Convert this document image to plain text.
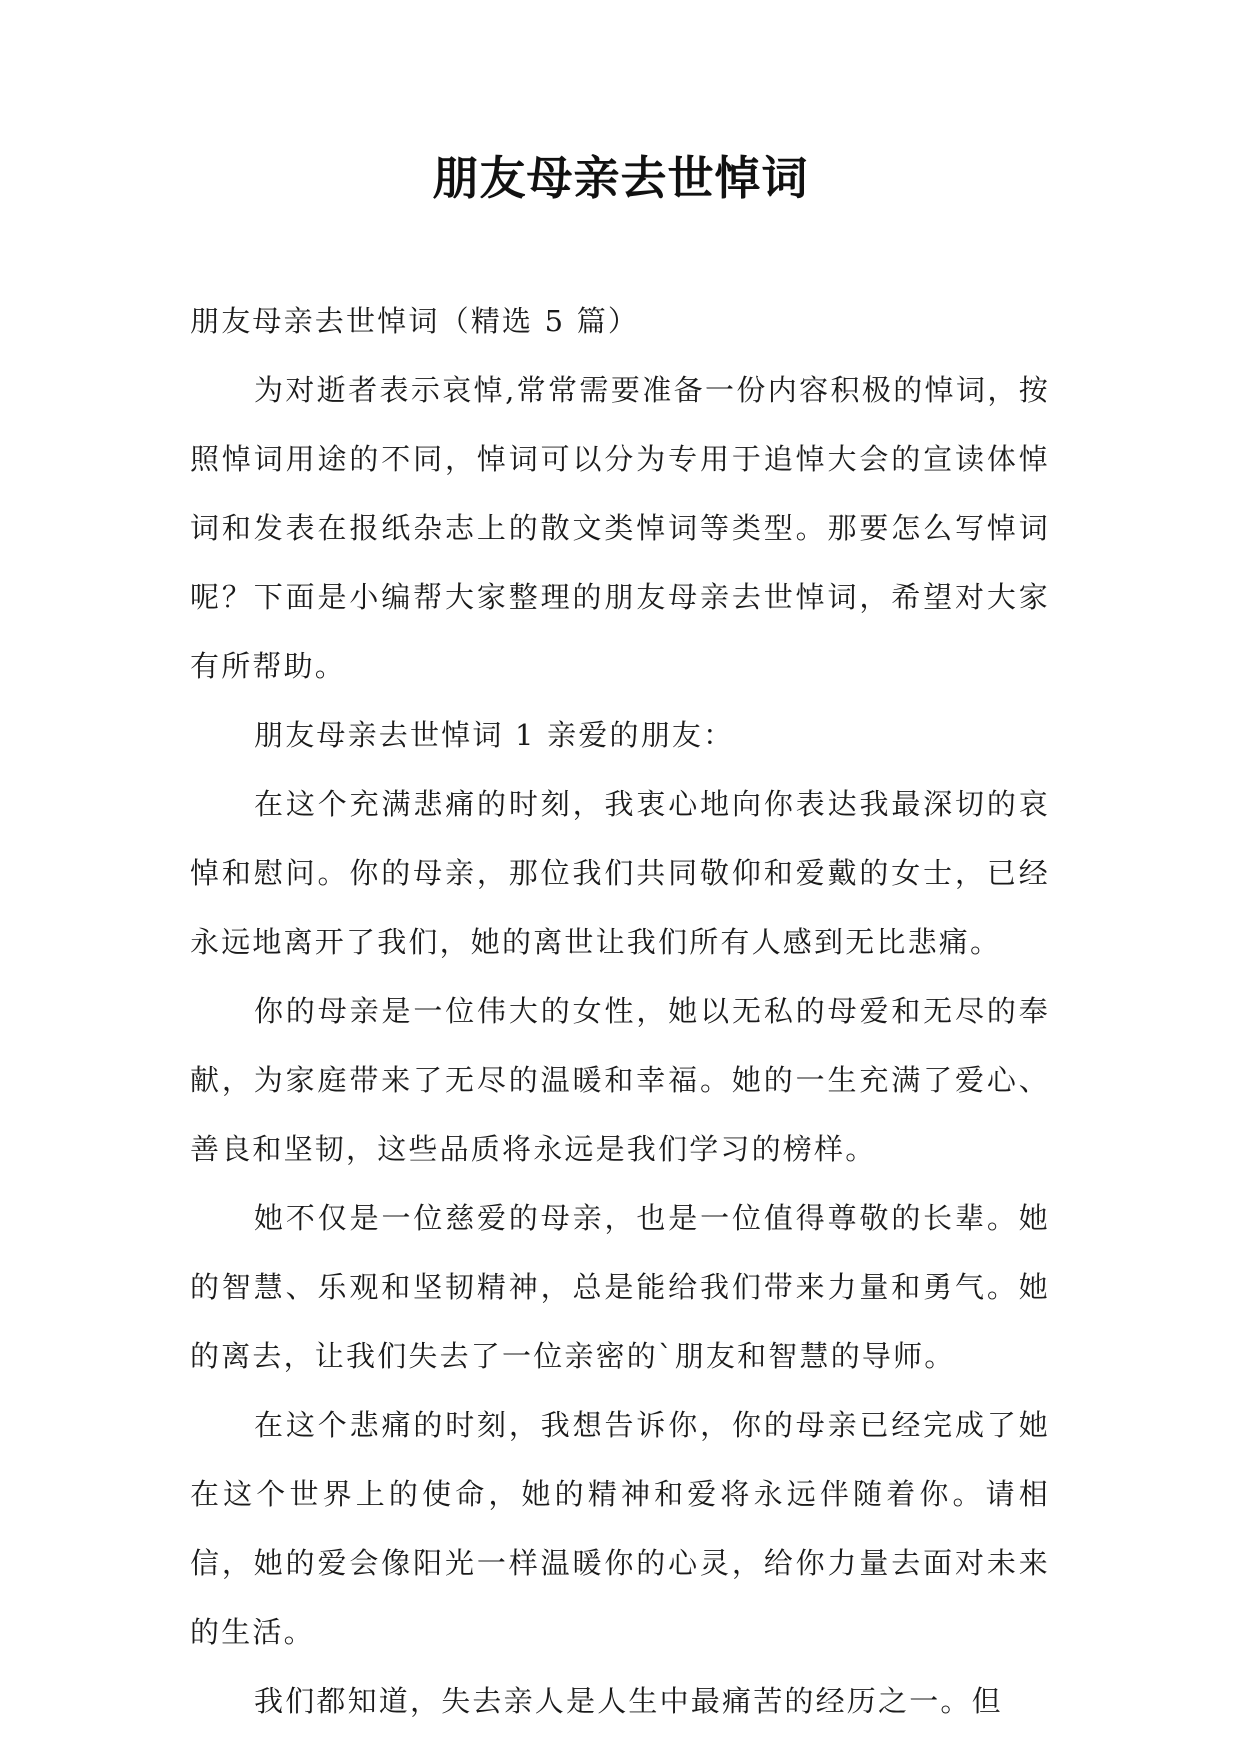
朋友母亲去世悼词

朋友母亲去世悼词（精选 5 篇）

为对逝者表示哀悼,常常需要准备一份内容积极的悼词，按照悼词用途的不同，悼词可以分为专用于追悼大会的宣读体悼词和发表在报纸杂志上的散文类悼词等类型。那要怎么写悼词呢？下面是小编帮大家整理的朋友母亲去世悼词，希望对大家有所帮助。

朋友母亲去世悼词 1 亲爱的朋友：

在这个充满悲痛的时刻，我衷心地向你表达我最深切的哀悼和慰问。你的母亲，那位我们共同敬仰和爱戴的女士，已经永远地离开了我们，她的离世让我们所有人感到无比悲痛。

你的母亲是一位伟大的女性，她以无私的母爱和无尽的奉献，为家庭带来了无尽的温暖和幸福。她的一生充满了爱心、善良和坚韧，这些品质将永远是我们学习的榜样。

她不仅是一位慈爱的母亲，也是一位值得尊敬的长辈。她的智慧、乐观和坚韧精神，总是能给我们带来力量和勇气。她的离去，让我们失去了一位亲密的`朋友和智慧的导师。

在这个悲痛的时刻，我想告诉你，你的母亲已经完成了她在这个世界上的使命，她的精神和爱将永远伴随着你。请相信，她的爱会像阳光一样温暖你的心灵，给你力量去面对未来的生活。

我们都知道，失去亲人是人生中最痛苦的经历之一。但
